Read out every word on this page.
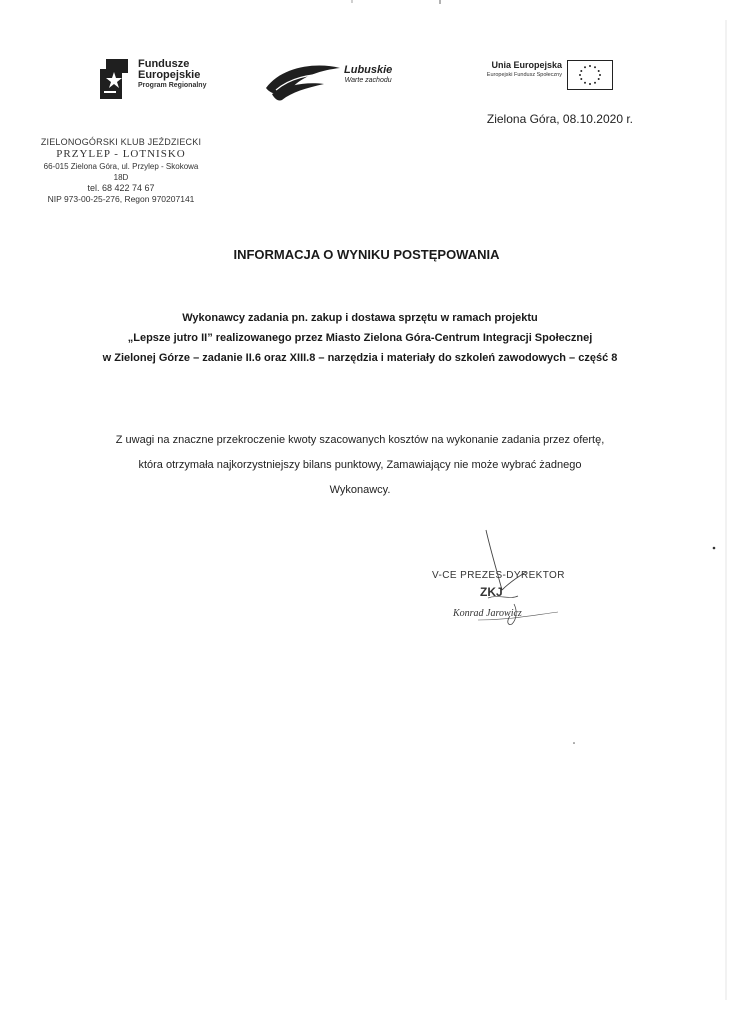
Fundusze
Europejskie
Program Regionalny
Lubuskie
Warte zachodu
Unia Europejska
Europejski Fundusz Społeczny
Zielona Góra, 08.10.2020 r.
ZIELONOGÓRSKI KLUB JEŹDZIECKI
PRZYLEP - LOTNISKO
66-015 Zielona Góra, ul. Przylep - Skokowa 18D
tel. 68 422 74 67
NIP 973-00-25-276, Regon 970207141
INFORMACJA O WYNIKU POSTĘPOWANIA
Wykonawcy zadania pn. zakup i dostawa sprzętu w ramach projektu
„Lepsze jutro II” realizowanego przez Miasto Zielona Góra-Centrum Integracji Społecznej
w Zielonej Górze – zadanie II.6 oraz XIII.8 – narzędzia i materiały do szkoleń zawodowych – część 8
Z uwagi na znaczne przekroczenie kwoty szacowanych kosztów na wykonanie zadania przez ofertę,
która otrzymała najkorzystniejszy bilans punktowy, Zamawiający nie może wybrać żadnego
Wykonawcy.
V-CE PREZES-DYREKTOR
ZKJ
Konrad Jarowicz
